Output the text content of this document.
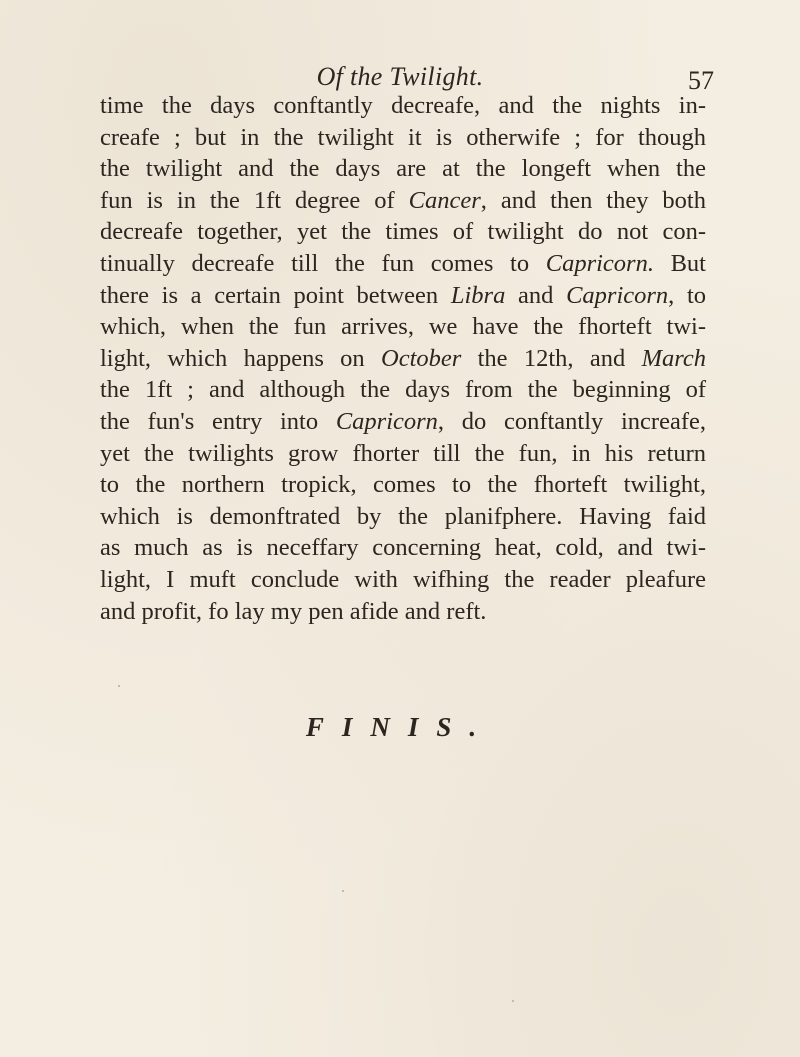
Of the Twilight.	57
time the days conftantly decreafe, and the nights in-
creafe ; but in the twilight it is otherwife ; for though
the twilight and the days are at the longeft when the
fun is in the 1ft degree of Cancer, and then they both
decreafe together, yet the times of twilight do not con-
tinually decreafe till the fun comes to Capricorn. But
there is a certain point between Libra and Capricorn, to
which, when the fun arrives, we have the fhorteft twi-
light, which happens on October the 12th, and March
the 1ft ; and although the days from the beginning of
the fun's entry into Capricorn, do conftantly increafe,
yet the twilights grow fhorter till the fun, in his return
to the northern tropick, comes to the fhorteft twilight,
which is demonftrated by the planifphere. Having faid
as much as is neceffary concerning heat, cold, and twi-
light, I muft conclude with wifhing the reader pleafure
and profit, fo lay my pen afide and reft.
FINIS.
